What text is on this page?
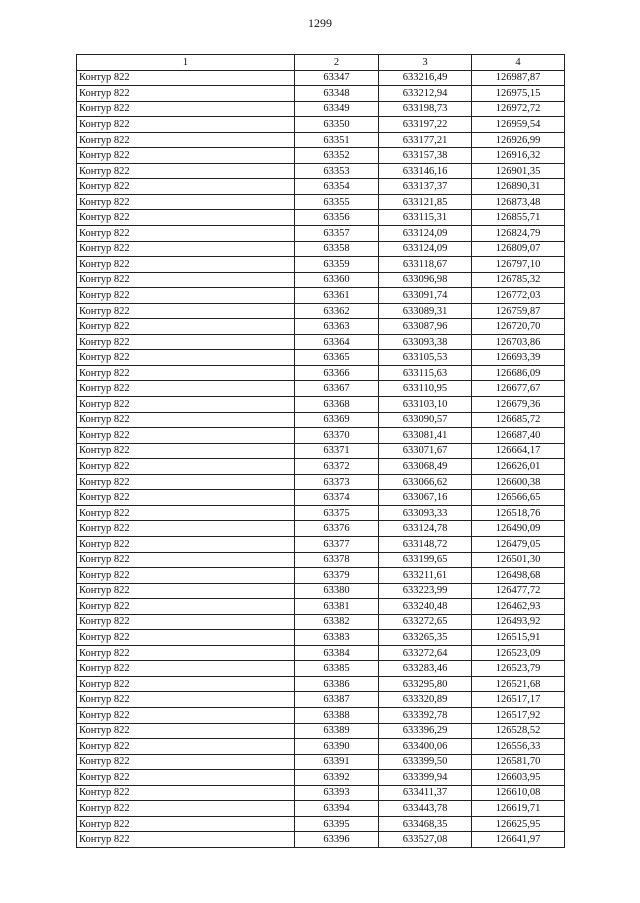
1299
1	2	3	4
Контур 822	63347	633216,49	126987,87
Контур 822	63348	633212,94	126975,15
Контур 822	63349	633198,73	126972,72
Контур 822	63350	633197,22	126959,54
Контур 822	63351	633177,21	126926,99
Контур 822	63352	633157,38	126916,32
Контур 822	63353	633146,16	126901,35
Контур 822	63354	633137,37	126890,31
Контур 822	63355	633121,85	126873,48
Контур 822	63356	633115,31	126855,71
Контур 822	63357	633124,09	126824,79
Контур 822	63358	633124,09	126809,07
Контур 822	63359	633118,67	126797,10
Контур 822	63360	633096,98	126785,32
Контур 822	63361	633091,74	126772,03
Контур 822	63362	633089,31	126759,87
Контур 822	63363	633087,96	126720,70
Контур 822	63364	633093,38	126703,86
Контур 822	63365	633105,53	126693,39
Контур 822	63366	633115,63	126686,09
Контур 822	63367	633110,95	126677,67
Контур 822	63368	633103,10	126679,36
Контур 822	63369	633090,57	126685,72
Контур 822	63370	633081,41	126687,40
Контур 822	63371	633071,67	126664,17
Контур 822	63372	633068,49	126626,01
Контур 822	63373	633066,62	126600,38
Контур 822	63374	633067,16	126566,65
Контур 822	63375	633093,33	126518,76
Контур 822	63376	633124,78	126490,09
Контур 822	63377	633148,72	126479,05
Контур 822	63378	633199,65	126501,30
Контур 822	63379	633211,61	126498,68
Контур 822	63380	633223,99	126477,72
Контур 822	63381	633240,48	126462,93
Контур 822	63382	633272,65	126493,92
Контур 822	63383	633265,35	126515,91
Контур 822	63384	633272,64	126523,09
Контур 822	63385	633283,46	126523,79
Контур 822	63386	633295,80	126521,68
Контур 822	63387	633320,89	126517,17
Контур 822	63388	633392,78	126517,92
Контур 822	63389	633396,29	126528,52
Контур 822	63390	633400,06	126556,33
Контур 822	63391	633399,50	126581,70
Контур 822	63392	633399,94	126603,95
Контур 822	63393	633411,37	126610,08
Контур 822	63394	633443,78	126619,71
Контур 822	63395	633468,35	126625,95
Контур 822	63396	633527,08	126641,97
